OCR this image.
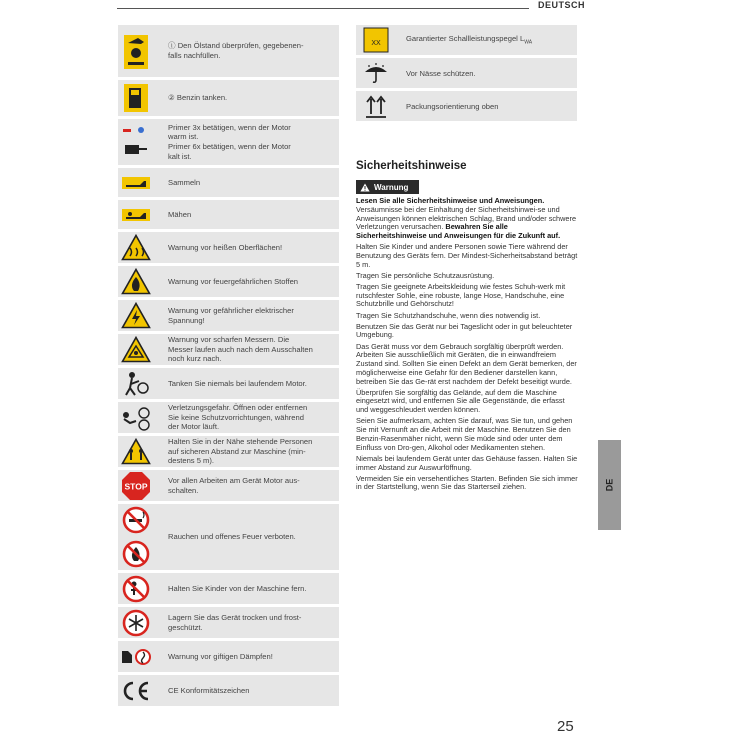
DEUTSCH
ⓘ Den Ölstand überprüfen, gegebenen-
falls nachfüllen.
② Benzin tanken.
Primer 3x betätigen, wenn der Motor
warm ist.
Primer 6x betätigen, wenn der Motor
kalt ist.
Sammeln
Mähen
Warnung vor heißen Oberflächen!
Warnung vor feuergefährlichen Stoffen
Warnung vor gefährlicher elektrischer
Spannung!
Warnung vor scharfen Messern. Die
Messer laufen auch nach dem Ausschalten
noch kurz nach.
Tanken Sie niemals bei laufendem Motor.
Verletzungsgefahr. Öffnen oder entfernen
Sie keine Schutzvorrichtungen, während
der Motor läuft.
Halten Sie in der Nähe stehende Personen
auf sicheren Abstand zur Maschine (min-
destens 5 m).
STOP
Vor allen Arbeiten am Gerät Motor aus-
schalten.
Rauchen und offenes Feuer verboten.
Halten Sie Kinder von der Maschine fern.
Lagern Sie das Gerät trocken und frost-
geschützt.
Warnung vor giftigen Dämpfen!
CE Konformitätszeichen
XX
Garantierter Schallleistungspegel $L_{WA}$
Vor Nässe schützen.
Packungsorientierung oben
Sicherheitshinweise
Warnung

Lesen Sie alle Sicherheitshinweise und Anweisungen. Versäumnisse bei der Einhaltung der Sicherheitshinwei-se und Anweisungen können elektrischen Schlag, Brand und/oder schwere Verletzungen verursachen. Bewahren Sie alle Sicherheitshinweise und Anweisungen für die Zukunft auf.

Halten Sie Kinder und andere Personen sowie Tiere während der Benutzung des Geräts fern. Der Mindest-Sicherheitsabstand beträgt 5 m.

Tragen Sie persönliche Schutzausrüstung.

Tragen Sie geeignete Arbeitskleidung wie festes Schuh-werk mit rutschfester Sohle, eine robuste, lange Hose, Handschuhe, eine Schutzbrille und Gehörschutz!

Tragen Sie Schutzhandschuhe, wenn dies notwendig ist.

Benutzen Sie das Gerät nur bei Tageslicht oder in gut beleuchteter Umgebung.

Das Gerät muss vor dem Gebrauch sorgfältig überprüft werden. Arbeiten Sie ausschließlich mit Geräten, die in einwandfreiem Zustand sind. Sollten Sie einen Defekt an dem Gerät bemerken, der möglicherweise eine Gefahr für den Bediener darstellen kann, betreiben Sie das Ge-rät erst nachdem der Defekt beseitigt wurde.

Überprüfen Sie sorgfältig das Gelände, auf dem die Maschine eingesetzt wird, und entfernen Sie alle Gegenstände, die erfasst und weggeschleudert werden können.

Seien Sie aufmerksam, achten Sie darauf, was Sie tun, und gehen Sie mit Vernunft an die Arbeit mit der Maschine. Benutzen Sie den Benzin-Rasenmäher nicht, wenn Sie müde sind oder unter dem Einfluss von Dro-gen, Alkohol oder Medikamenten stehen.

Niemals bei laufendem Gerät unter das Gehäuse fassen. Halten Sie immer Abstand zur Auswurföffnung.

Vermeiden Sie ein versehentliches Starten. Befinden Sie sich immer in der Startstellung, wenn Sie das Starterseil ziehen.	DE
25
